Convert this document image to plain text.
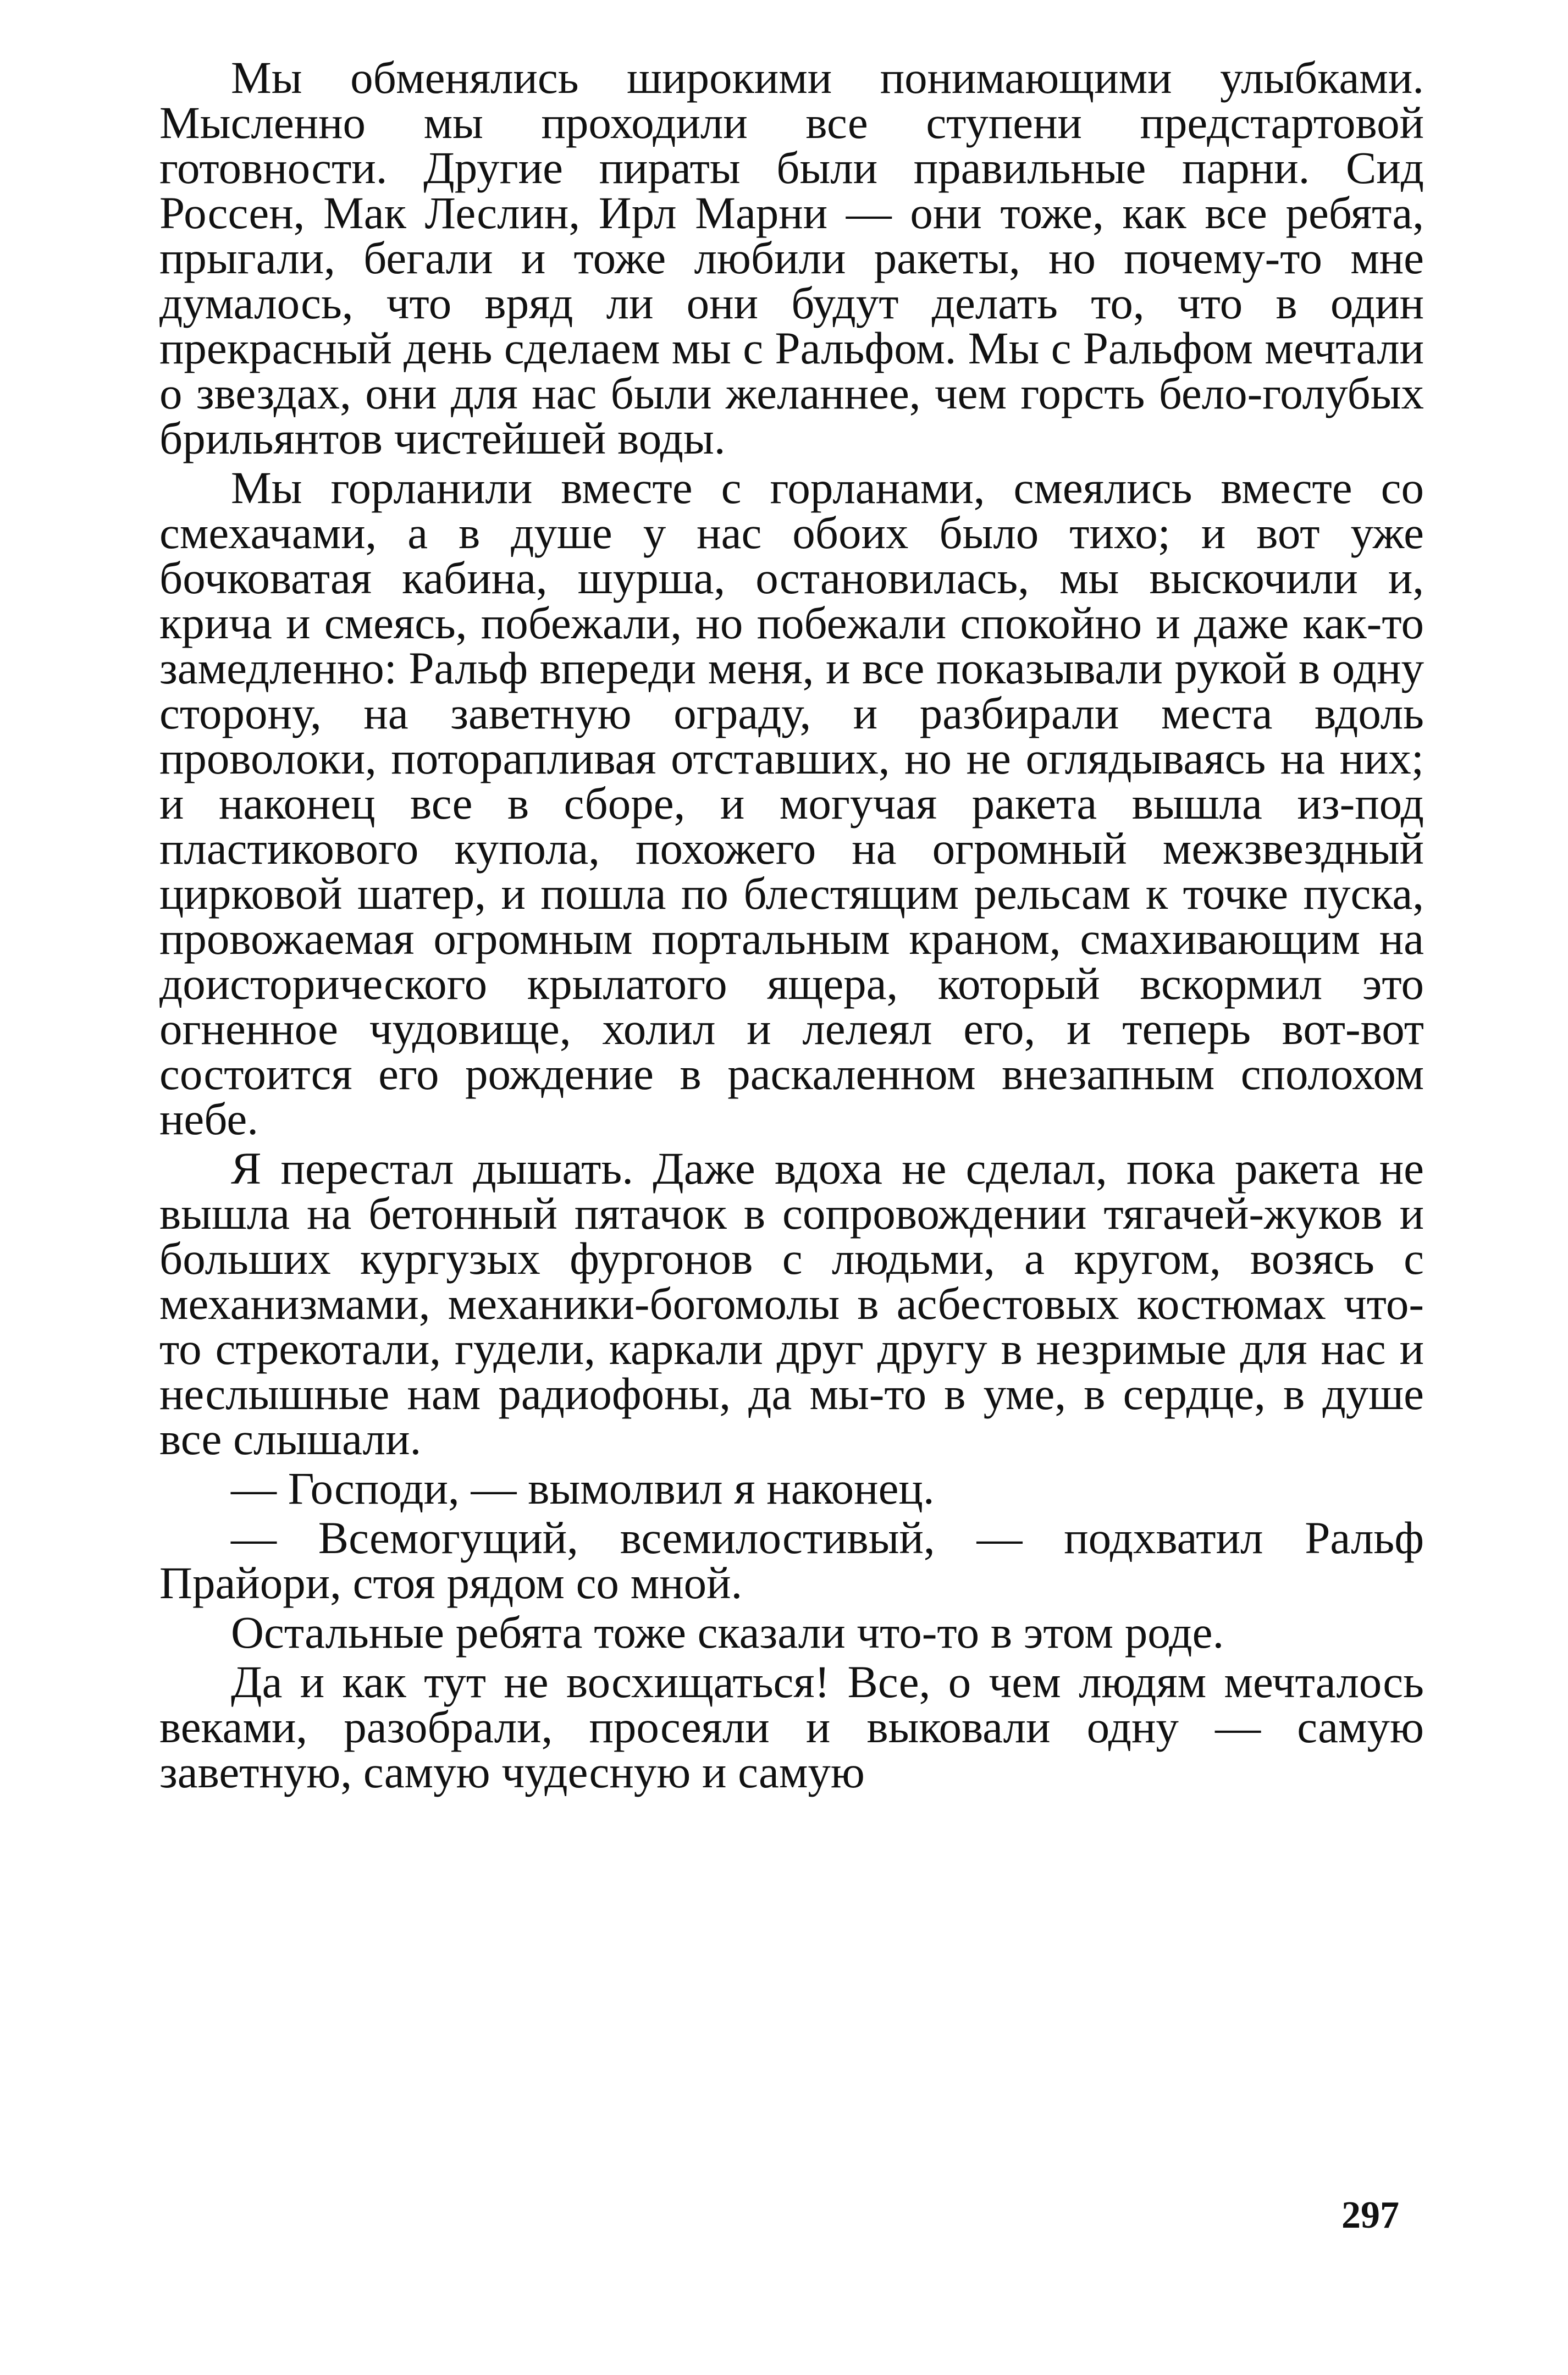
Мы обменялись широкими понимающими улыбками. Мысленно мы проходили все ступени предстартовой готовности. Другие пираты были правильные парни. Сид Россен, Мак Леслин, Ирл Марни — они тоже, как все ребята, прыгали, бегали и тоже любили ракеты, но почему-то мне думалось, что вряд ли они будут делать то, что в один прекрасный день сделаем мы с Ральфом. Мы с Ральфом мечтали о звездах, они для нас были желаннее, чем горсть бело-голубых брильянтов чистейшей воды.

Мы горланили вместе с горланами, смеялись вместе со смехачами, а в душе у нас обоих было тихо; и вот уже бочковатая кабина, шурша, остановилась, мы выскочили и, крича и смеясь, побежали, но побежали спокойно и даже как-то замедленно: Ральф впереди меня, и все показывали рукой в одну сторону, на заветную ограду, и разбирали места вдоль проволоки, поторапливая отставших, но не оглядываясь на них; и наконец все в сборе, и могучая ракета вышла из-под пластикового купола, похожего на огромный межзвездный цирковой шатер, и пошла по блестящим рельсам к точке пуска, провожаемая огромным портальным краном, смахивающим на доисторического крылатого ящера, который вскормил это огненное чудовище, холил и лелеял его, и теперь вот-вот состоится его рождение в раскаленном внезапным сполохом небе.

Я перестал дышать. Даже вдоха не сделал, пока ракета не вышла на бетонный пятачок в сопровождении тягачей-жуков и больших кургузых фургонов с людьми, а кругом, возясь с механизмами, механики-богомолы в асбестовых костюмах что-то стрекотали, гудели, каркали друг другу в незримые для нас и неслышные нам радиофоны, да мы-то в уме, в сердце, в душе все слышали.

— Господи, — вымолвил я наконец.

— Всемогущий, всемилостивый, — подхватил Ральф Прайори, стоя рядом со мной.

Остальные ребята тоже сказали что-то в этом роде.

Да и как тут не восхищаться! Все, о чем людям мечталось веками, разобрали, просеяли и выковали одну — самую заветную, самую чудесную и самую

297
